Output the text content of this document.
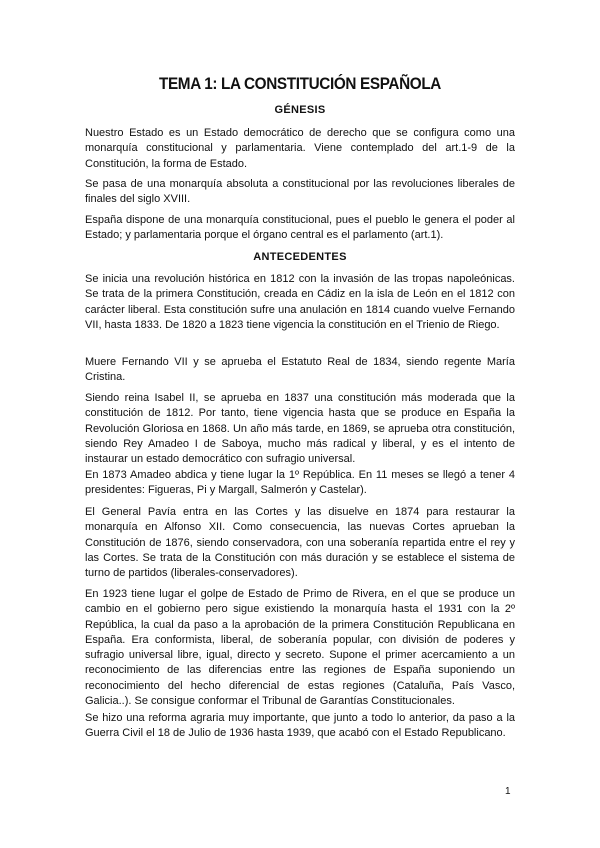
TEMA 1: LA CONSTITUCIÓN ESPAÑOLA
GÉNESIS

Nuestro Estado es un Estado democrático de derecho que se configura como una monarquía constitucional y parlamentaria. Viene contemplado del art.1-9 de la Constitución, la forma de Estado.

Se pasa de una monarquía absoluta a constitucional por las revoluciones liberales de finales del siglo XVIII.

España dispone de una monarquía constitucional, pues el pueblo le genera el poder al Estado; y parlamentaria porque el órgano central es el parlamento (art.1).

ANTECEDENTES

Se inicia una revolución histórica en 1812 con la invasión de las tropas napoleónicas. Se trata de la primera Constitución, creada en Cádiz en la isla de León en el 1812 con carácter liberal. Esta constitución sufre una anulación en 1814 cuando vuelve Fernando VII, hasta 1833. De 1820 a 1823 tiene vigencia la constitución en el Trienio de Riego.

Muere Fernando VII y se aprueba el Estatuto Real de 1834, siendo regente María Cristina.

Siendo reina Isabel II, se aprueba en 1837 una constitución más moderada que la constitución de 1812. Por tanto, tiene vigencia hasta que se produce en España la Revolución Gloriosa en 1868. Un año más tarde, en 1869, se aprueba otra constitución, siendo Rey Amadeo I de Saboya, mucho más radical y liberal, y es el intento de instaurar un estado democrático con sufragio universal.

En 1873 Amadeo abdica y tiene lugar la 1º República. En 11 meses se llegó a tener 4 presidentes: Figueras, Pi y Margall, Salmerón y Castelar).

El General Pavía entra en las Cortes y las disuelve en 1874 para restaurar la monarquía en Alfonso XII. Como consecuencia, las nuevas Cortes aprueban la Constitución de 1876, siendo conservadora, con una soberanía repartida entre el rey y las Cortes. Se trata de la Constitución con más duración y se establece el sistema de turno de partidos (liberales-conservadores).

En 1923 tiene lugar el golpe de Estado de Primo de Rivera, en el que se produce un cambio en el gobierno pero sigue existiendo la monarquía hasta el 1931 con la 2º República, la cual da paso a la aprobación de la primera Constitución Republicana en España. Era conformista, liberal, de soberanía popular, con división de poderes y sufragio universal libre, igual, directo y secreto. Supone el primer acercamiento a un reconocimiento de las diferencias entre las regiones de España suponiendo un reconocimiento del hecho diferencial de estas regiones (Cataluña, País Vasco, Galicia..). Se consigue conformar el Tribunal de Garantías Constitucionales.

Se hizo una reforma agraria muy importante, que junto a todo lo anterior, da paso a la Guerra Civil el 18 de Julio de 1936 hasta 1939, que acabó con el Estado Republicano.

1
